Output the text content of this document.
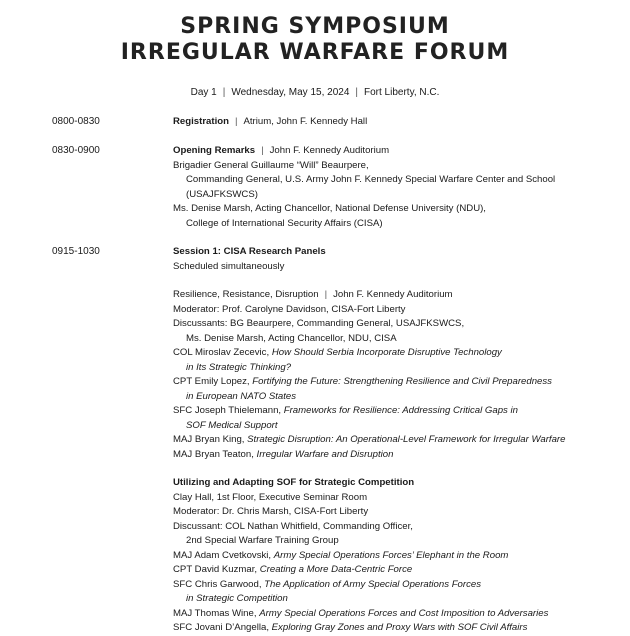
SPRING SYMPOSIUM
IRREGULAR WARFARE FORUM
Day 1 | Wednesday, May 15, 2024 | Fort Liberty, N.C.
0800-0830	Registration | Atrium, John F. Kennedy Hall
0830-0900	Opening Remarks | John F. Kennedy Auditorium
Brigadier General Guillaume “Will” Beaurpere,
Commanding General, U.S. Army John F. Kennedy Special Warfare Center and School
(USAJFKSWCS)
Ms. Denise Marsh, Acting Chancellor, National Defense University (NDU),
College of International Security Affairs (CISA)
0915-1030	Session 1: CISA Research Panels
Scheduled simultaneously
Resilience, Resistance, Disruption | John F. Kennedy Auditorium
Moderator: Prof. Carolyne Davidson, CISA-Fort Liberty
Discussants: BG Beaurpere, Commanding General, USAJFKSWCS,
Ms. Denise Marsh, Acting Chancellor, NDU, CISA
COL Miroslav Zecevic, How Should Serbia Incorporate Disruptive Technology
in Its Strategic Thinking?
CPT Emily Lopez, Fortifying the Future: Strengthening Resilience and Civil Preparedness
in European NATO States
SFC Joseph Thielemann, Frameworks for Resilience: Addressing Critical Gaps in
SOF Medical Support
MAJ Bryan King, Strategic Disruption: An Operational-Level Framework for Irregular Warfare
MAJ Bryan Teaton, Irregular Warfare and Disruption
Utilizing and Adapting SOF for Strategic Competition
Clay Hall, 1st Floor, Executive Seminar Room
Moderator: Dr. Chris Marsh, CISA-Fort Liberty
Discussant: COL Nathan Whitfield, Commanding Officer,
2nd Special Warfare Training Group
MAJ Adam Cvetkovski, Army Special Operations Forces’ Elephant in the Room
CPT David Kuzmar, Creating a More Data-Centric Force
SFC Chris Garwood, The Application of Army Special Operations Forces
in Strategic Competition
MAJ Thomas Wine, Army Special Operations Forces and Cost Imposition to Adversaries
SFC Jovani D’Angella, Exploring Gray Zones and Proxy Wars with SOF Civil Affairs
